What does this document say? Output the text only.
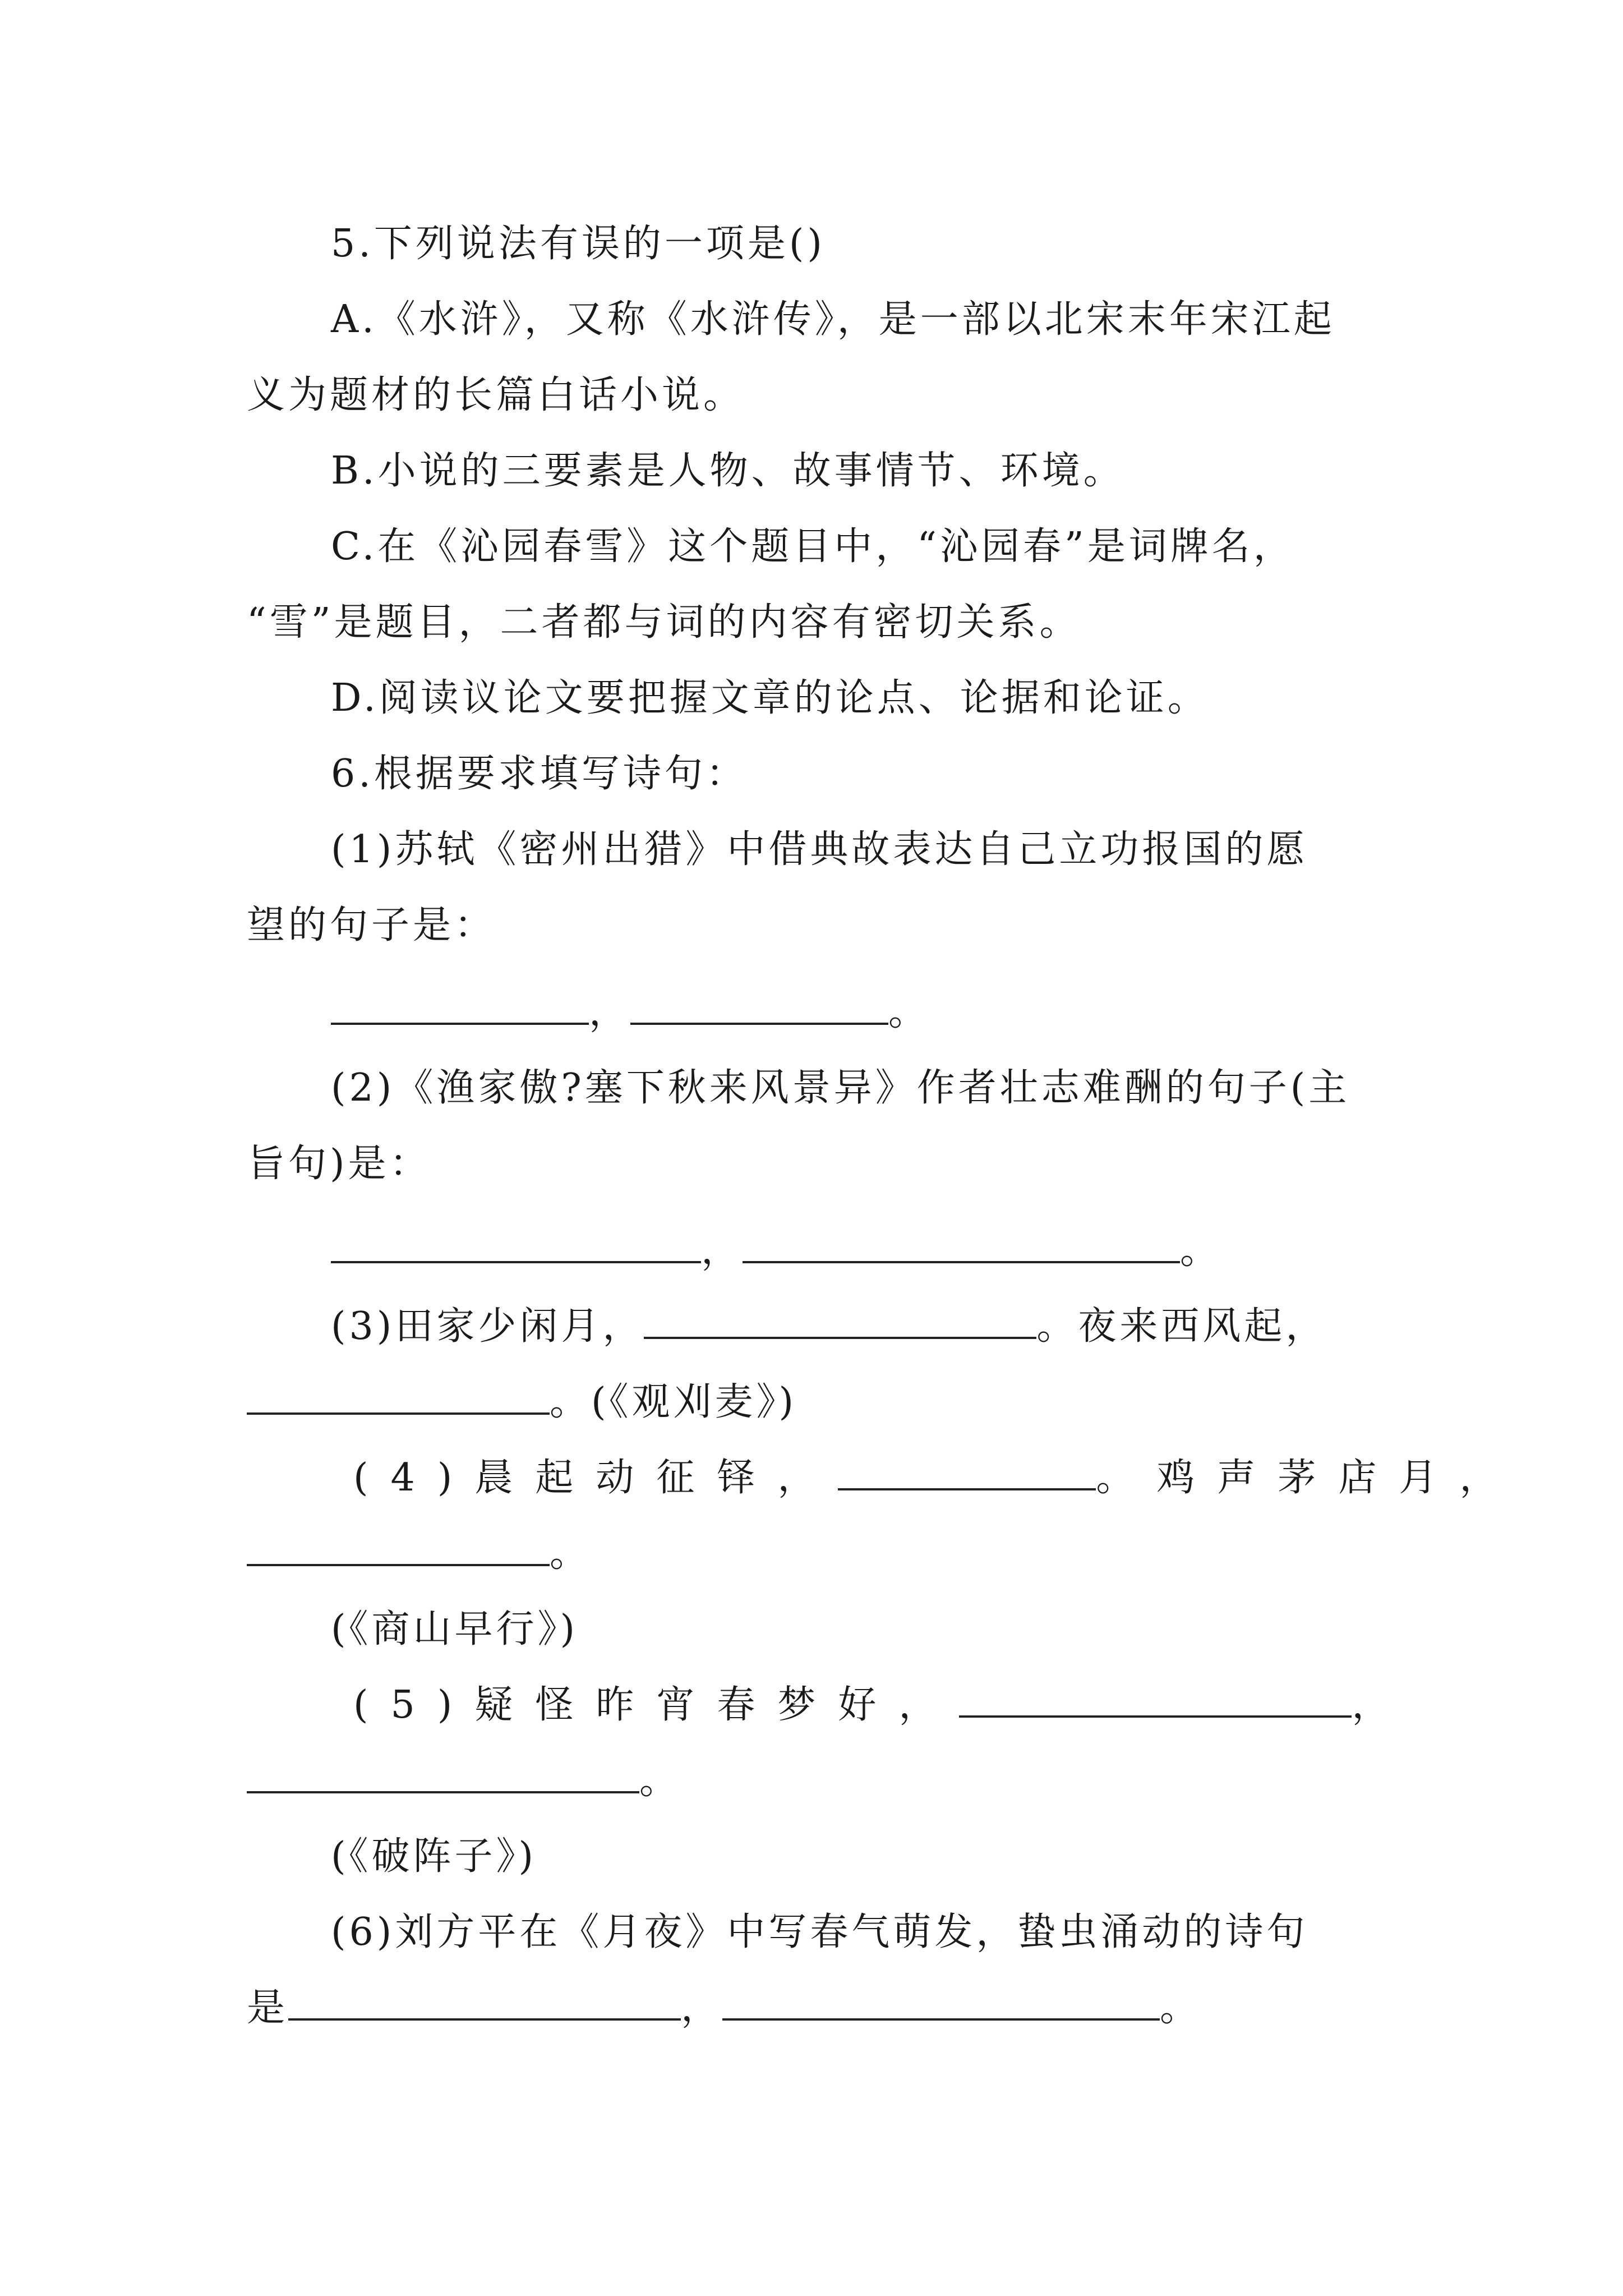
5.下列说法有误的一项是()
A.《水浒》，又称《水浒传》，是一部以北宋末年宋江起
义为题材的长篇白话小说。
B.小说的三要素是人物、故事情节、环境。
C.在《沁园春雪》这个题目中，“沁园春”是词牌名，
“雪”是题目，二者都与词的内容有密切关系。
D.阅读议论文要把握文章的论点、论据和论证。
6.根据要求填写诗句：
(1)苏轼《密州出猎》中借典故表达自己立功报国的愿
望的句子是：
，	。
(2)《渔家傲?塞下秋来风景异》作者壮志难酬的句子(主
旨句)是：
，	。
(3)田家少闲月，	。夜来西风起，
。(《观刈麦》)
(4)晨起动征铎，	。鸡声茅店月，
。
(《商山早行》)
(5)疑怪昨宵春梦好，	，
。
(《破阵子》)
(6)刘方平在《月夜》中写春气萌发，蛰虫涌动的诗句
是	，	。
